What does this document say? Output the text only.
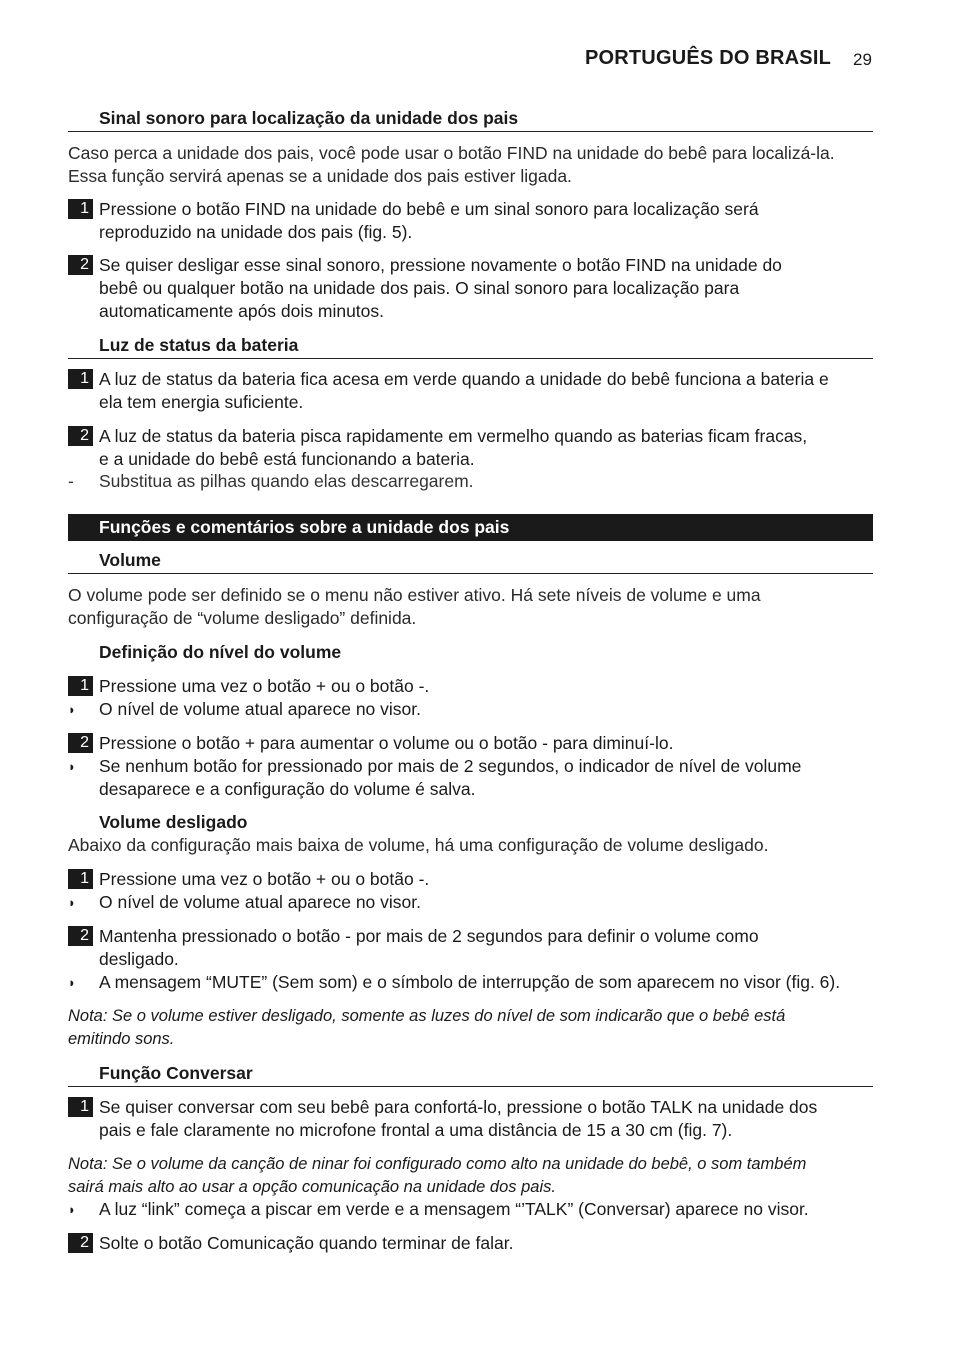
PORTUGUÊS DO BRASIL 29
Sinal sonoro para localização da unidade dos pais
Caso perca a unidade dos pais, você pode usar o botão FIND na unidade do bebê para localizá-la.
Essa função servirá apenas se a unidade dos pais estiver ligada.
1 Pressione o botão FIND na unidade do bebê e um sinal sonoro para localização será
reproduzido na unidade dos pais (fig. 5).
2 Se quiser desligar esse sinal sonoro, pressione novamente o botão FIND na unidade do
bebê ou qualquer botão na unidade dos pais. O sinal sonoro para localização para
automaticamente após dois minutos.
Luz de status da bateria
1 A luz de status da bateria fica acesa em verde quando a unidade do bebê funciona a bateria e
ela tem energia suficiente.
2 A luz de status da bateria pisca rapidamente em vermelho quando as baterias ficam fracas,
e a unidade do bebê está funcionando a bateria.
- Substitua as pilhas quando elas descarregarem.
Funções e comentários sobre a unidade dos pais
Volume
O volume pode ser definido se o menu não estiver ativo. Há sete níveis de volume e uma
configuração de “volume desligado” definida.
Definição do nível do volume
1 Pressione uma vez o botão + ou o botão -.
◗ O nível de volume atual aparece no visor.
2 Pressione o botão + para aumentar o volume ou o botão - para diminuí-lo.
◗ Se nenhum botão for pressionado por mais de 2 segundos, o indicador de nível de volume
desaparece e a configuração do volume é salva.
Volume desligado
Abaixo da configuração mais baixa de volume, há uma configuração de volume desligado.
1 Pressione uma vez o botão + ou o botão -.
◗ O nível de volume atual aparece no visor.
2 Mantenha pressionado o botão - por mais de 2 segundos para definir o volume como
desligado.
◗ A mensagem “MUTE” (Sem som) e o símbolo de interrupção de som aparecem no visor (fig. 6).
Nota: Se o volume estiver desligado, somente as luzes do nível de som indicarão que o bebê está
emitindo sons.
Função Conversar
1 Se quiser conversar com seu bebê para confortá-lo, pressione o botão TALK na unidade dos
pais e fale claramente no microfone frontal a uma distância de 15 a 30 cm (fig. 7).
Nota: Se o volume da canção de ninar foi configurado como alto na unidade do bebê, o som também
sairá mais alto ao usar a opção comunicação na unidade dos pais.
◗ A luz “link” começa a piscar em verde e a mensagem “’TALK” (Conversar) aparece no visor.
2 Solte o botão Comunicação quando terminar de falar.
